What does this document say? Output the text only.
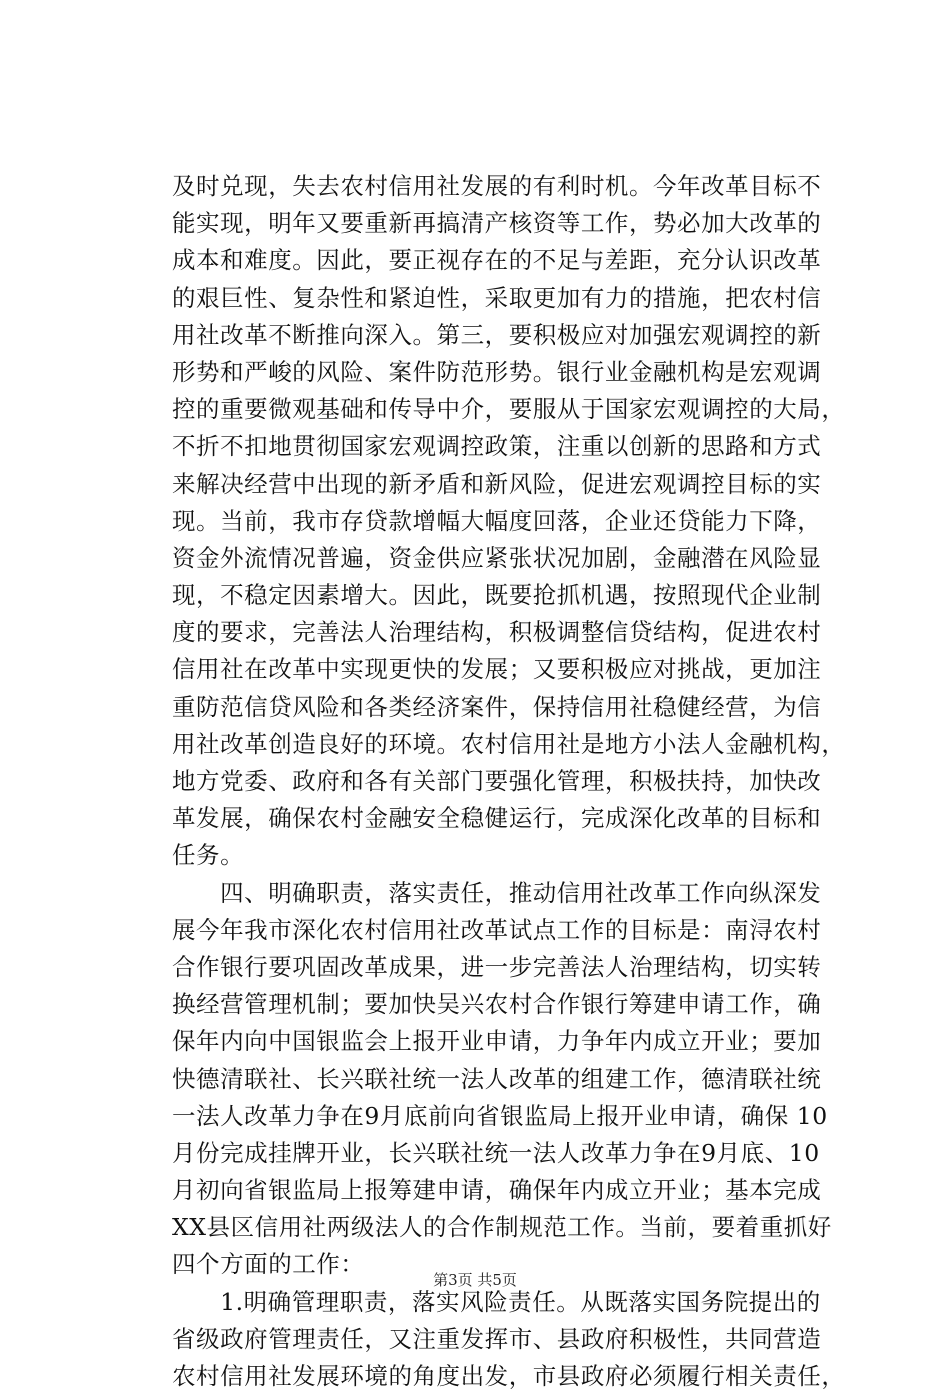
及时兑现，失去农村信用社发展的有利时机。今年改革目标不
能实现，明年又要重新再搞清产核资等工作，势必加大改革的
成本和难度。因此，要正视存在的不足与差距，充分认识改革
的艰巨性、复杂性和紧迫性，采取更加有力的措施，把农村信
用社改革不断推向深入。第三，要积极应对加强宏观调控的新
形势和严峻的风险、案件防范形势。银行业金融机构是宏观调
控的重要微观基础和传导中介，要服从于国家宏观调控的大局，
不折不扣地贯彻国家宏观调控政策，注重以创新的思路和方式
来解决经营中出现的新矛盾和新风险，促进宏观调控目标的实
现。当前，我市存贷款增幅大幅度回落，企业还贷能力下降，
资金外流情况普遍，资金供应紧张状况加剧，金融潜在风险显
现，不稳定因素增大。因此，既要抢抓机遇，按照现代企业制
度的要求，完善法人治理结构，积极调整信贷结构，促进农村
信用社在改革中实现更快的发展；又要积极应对挑战，更加注
重防范信贷风险和各类经济案件，保持信用社稳健经营，为信
用社改革创造良好的环境。农村信用社是地方小法人金融机构，
地方党委、政府和各有关部门要强化管理，积极扶持，加快改
革发展，确保农村金融安全稳健运行，完成深化改革的目标和
任务。
　　四、明确职责，落实责任，推动信用社改革工作向纵深发
展今年我市深化农村信用社改革试点工作的目标是：南浔农村
合作银行要巩固改革成果，进一步完善法人治理结构，切实转
换经营管理机制；要加快吴兴农村合作银行筹建申请工作，确
保年内向中国银监会上报开业申请，力争年内成立开业；要加
快德清联社、长兴联社统一法人改革的组建工作，德清联社统
一法人改革力争在9月底前向省银监局上报开业申请，确保 10
月份完成挂牌开业，长兴联社统一法人改革力争在9月底、10
月初向省银监局上报筹建申请，确保年内成立开业；基本完成
XX县区信用社两级法人的合作制规范工作。当前，要着重抓好
四个方面的工作：
　　1.明确管理职责，落实风险责任。从既落实国务院提出的
省级政府管理责任，又注重发挥市、县政府积极性，共同营造
农村信用社发展环境的角度出发，市县政府必须履行相关责任，
第3页 共5页
